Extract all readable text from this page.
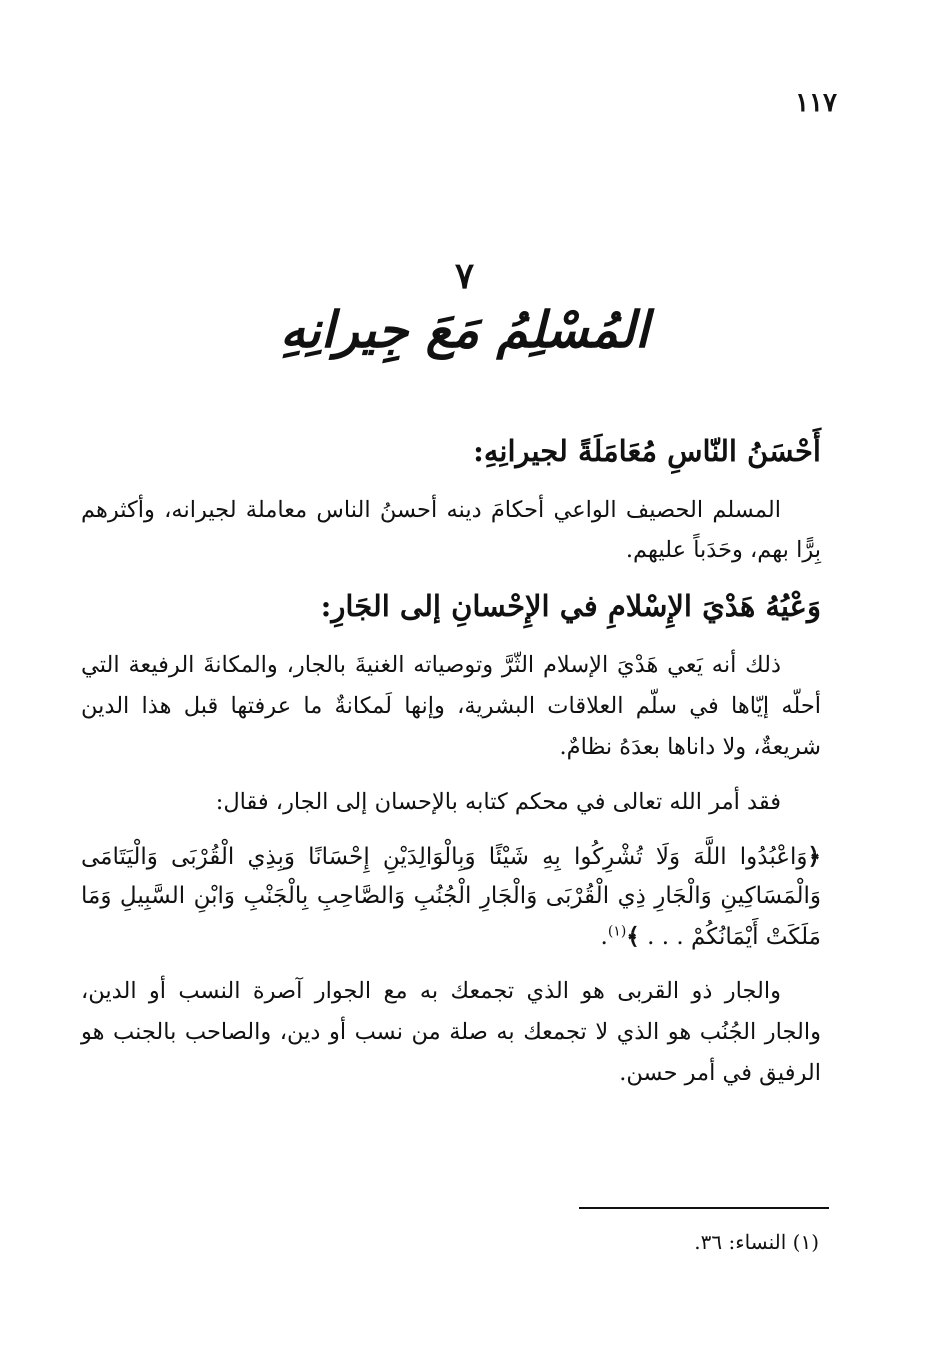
١١٧
٧
المُسْلِمُ مَعَ جِيرانِهِ
أَحْسَنُ النّاسِ مُعَامَلَةً لجيرانِهِ:

المسلم الحصيف الواعي أحكامَ دينه أحسنُ الناس معاملة لجيرانه، وأكثرهم بِرًّا بهم، وحَدَباً عليهم.

وَعْيُهُ هَدْيَ الإِسْلامِ في الإِحْسانِ إلى الجَارِ:

ذلك أنه يَعي هَدْيَ الإسلام الثّرَّ وتوصياته الغنيةَ بالجار، والمكانةَ الرفيعة التي أحلّه إيّاها في سلّم العلاقات البشرية، وإنها لَمكانةٌ ما عرفتها قبل هذا الدين شريعةٌ، ولا داناها بعدَهُ نظامٌ.

فقد أمر الله تعالى في محكم كتابه بالإحسان إلى الجار، فقال:

﴿وَاعْبُدُوا اللَّهَ وَلَا تُشْرِكُوا بِهِ شَيْئًا وَبِالْوَالِدَيْنِ إِحْسَانًا وَبِذِي الْقُرْبَى وَالْيَتَامَى وَالْمَسَاكِينِ وَالْجَارِ ذِي الْقُرْبَى وَالْجَارِ الْجُنُبِ وَالصَّاحِبِ بِالْجَنْبِ وَابْنِ السَّبِيلِ وَمَا مَلَكَتْ أَيْمَانُكُمْ . . . ﴾$^{(١)}$.

والجار ذو القربى هو الذي تجمعك به مع الجوار آصرة النسب أو الدين، والجار الجُنُب هو الذي لا تجمعك به صلة من نسب أو دين، والصاحب بالجنب هو الرفيق في أمر حسن.

(١) النساء: ٣٦.
